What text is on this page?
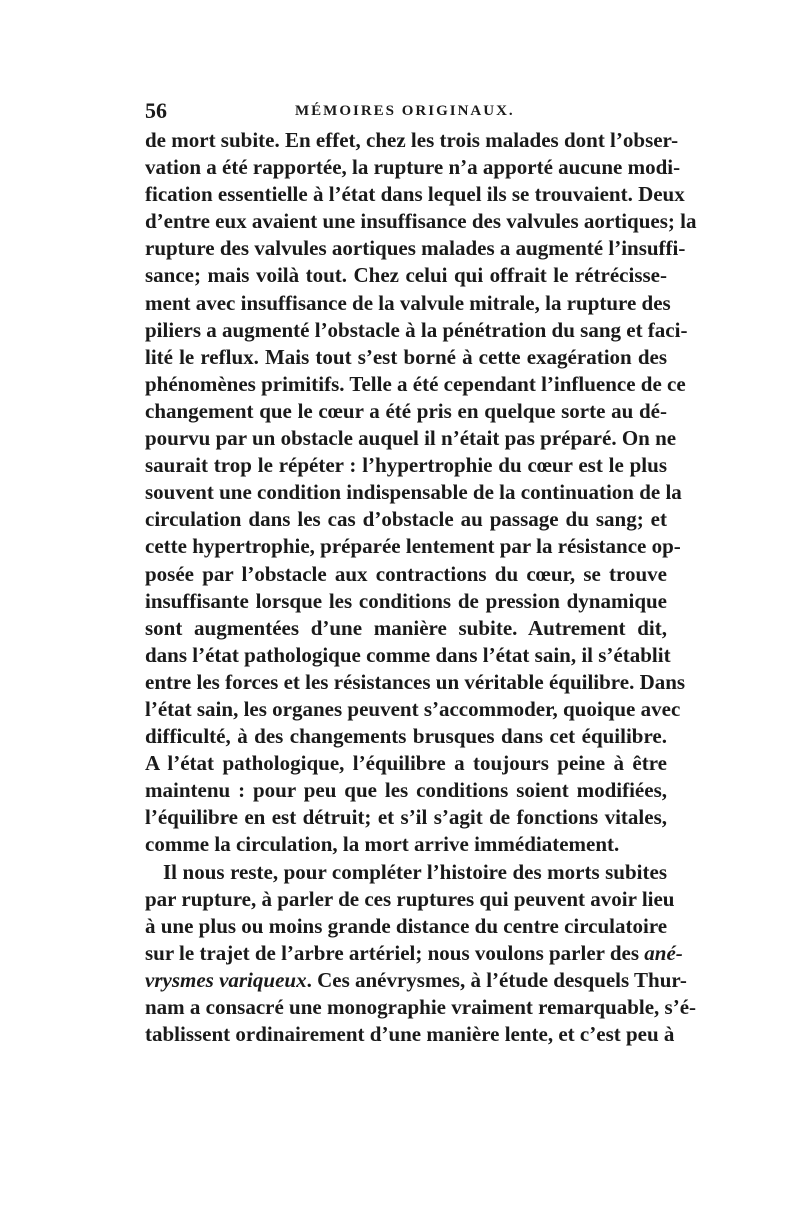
56	MÉMOIRES ORIGINAUX.
de mort subite. En effet, chez les trois malades dont l’obser-
vation a été rapportée, la rupture n’a apporté aucune modi-
fication essentielle à l’état dans lequel ils se trouvaient. Deux
d’entre eux avaient une insuffisance des valvules aortiques; la
rupture des valvules aortiques malades a augmenté l’insuffi-
sance; mais voilà tout. Chez celui qui offrait le rétrécisse-
ment avec insuffisance de la valvule mitrale, la rupture des
piliers a augmenté l’obstacle à la pénétration du sang et faci-
lité le reflux. Mais tout s’est borné à cette exagération des
phénomènes primitifs. Telle a été cependant l’influence de ce
changement que le cœur a été pris en quelque sorte au dé-
pourvu par un obstacle auquel il n’était pas préparé. On ne
saurait trop le répéter : l’hypertrophie du cœur est le plus
souvent une condition indispensable de la continuation de la
circulation dans les cas d’obstacle au passage du sang; et
cette hypertrophie, préparée lentement par la résistance op-
posée par l’obstacle aux contractions du cœur, se trouve
insuffisante lorsque les conditions de pression dynamique
sont augmentées d’une manière subite. Autrement dit,
dans l’état pathologique comme dans l’état sain, il s’établit
entre les forces et les résistances un véritable équilibre. Dans
l’état sain, les organes peuvent s’accommoder, quoique avec
difficulté, à des changements brusques dans cet équilibre.
A l’état pathologique, l’équilibre a toujours peine à être
maintenu : pour peu que les conditions soient modifiées,
l’équilibre en est détruit; et s’il s’agit de fonctions vitales,
comme la circulation, la mort arrive immédiatement.
Il nous reste, pour compléter l’histoire des morts subites
par rupture, à parler de ces ruptures qui peuvent avoir lieu
à une plus ou moins grande distance du centre circulatoire
sur le trajet de l’arbre artériel; nous voulons parler des ané-
vrysmes variqueux. Ces anévrysmes, à l’étude desquels Thur-
nam a consacré une monographie vraiment remarquable, s’é-
tablissent ordinairement d’une manière lente, et c’est peu à
